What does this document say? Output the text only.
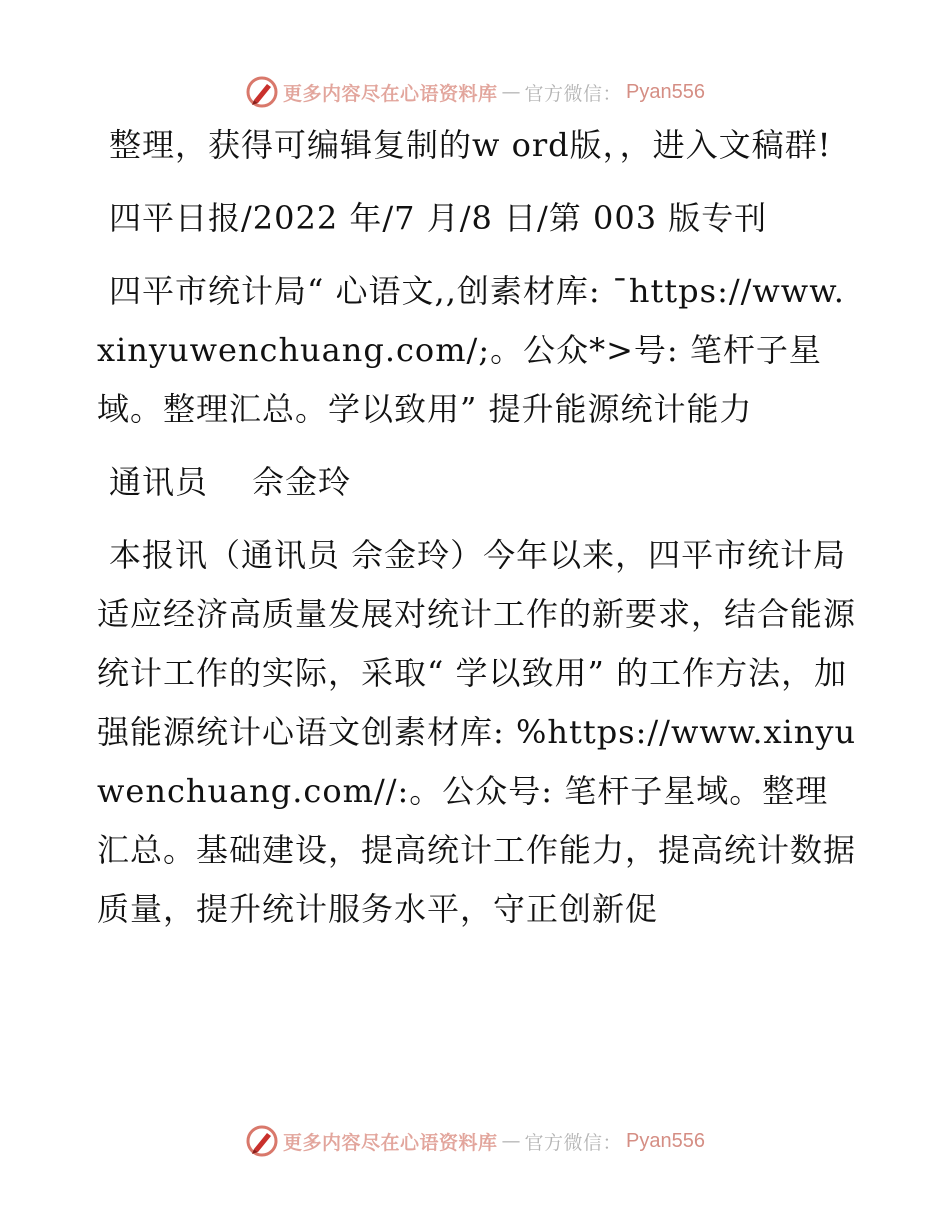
更多内容尽在心语资料库 — 官方微信： Pyan556

整理，获得可编辑复制的w ord版，，进入文稿群!

四平日报/2022 年/7 月/8 日/第 003 版专刊

四平市统计局“ 心语文,,创素材库: ¯https://www.xinyuwenchuang.com/;。公众*>号: 笔杆子星域。整理汇总。学以致用” 提升能源统计能力

通讯员　 佘金玲

本报讯（通讯员 佘金玲）今年以来，四平市统计局适应经济高质量发展对统计工作的新要求，结合能源统计工作的实际，采取“ 学以致用” 的工作方法，加强能源统计心语文创素材库: %https://www.xinyuwenchuang.com//:。公众号: 笔杆子星域。整理汇总。基础建设，提高统计工作能力，提高统计数据质量，提升统计服务水平，守正创新促

更多内容尽在心语资料库 — 官方微信： Pyan556
